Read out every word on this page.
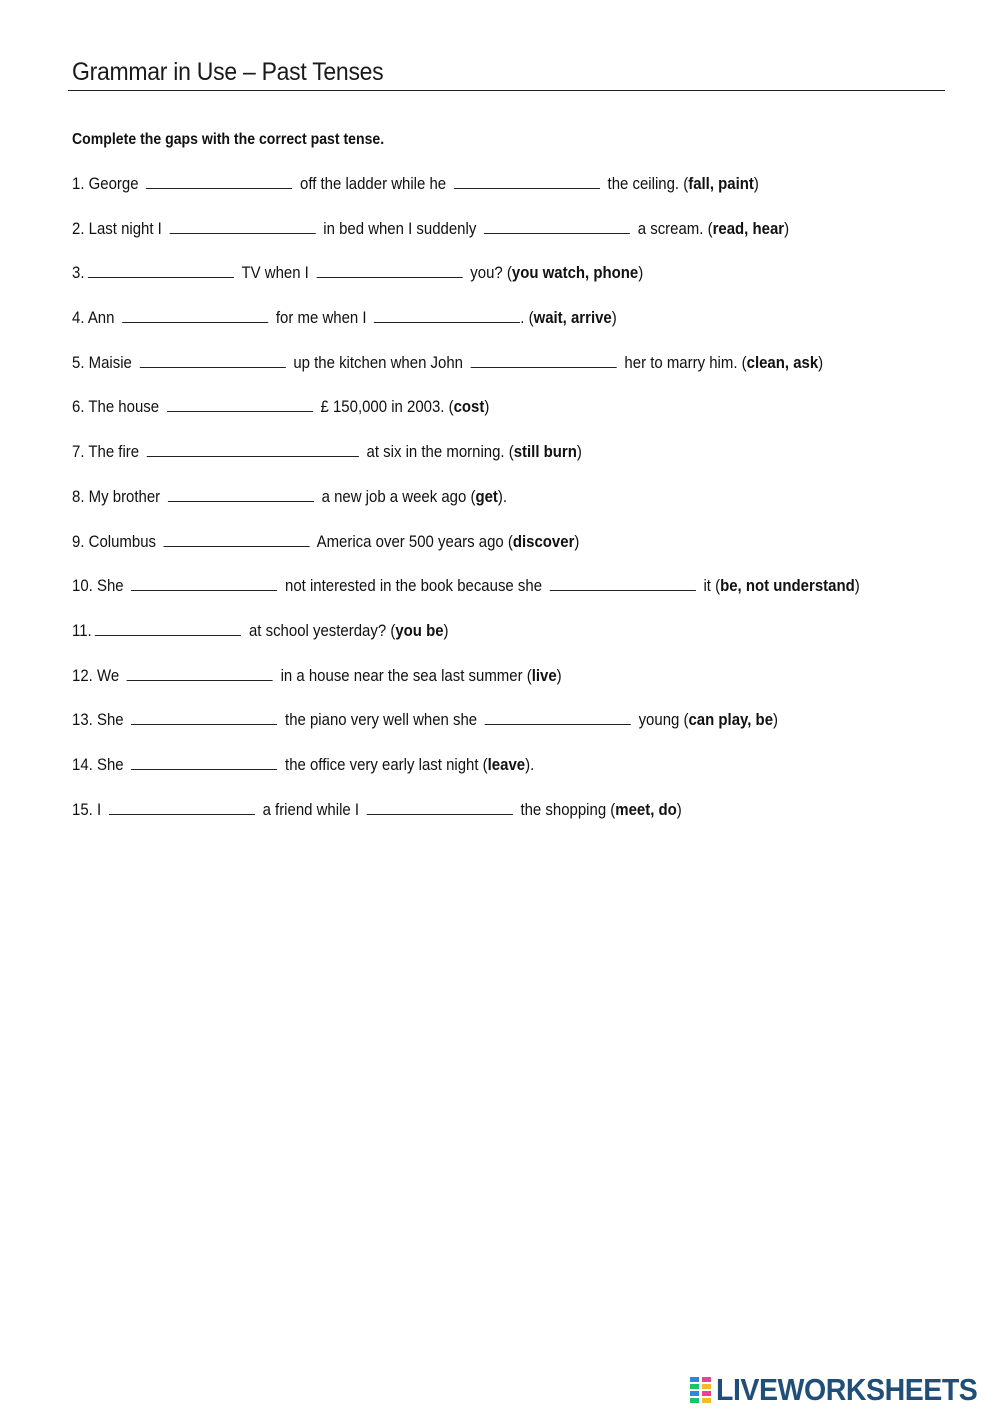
Grammar in Use – Past Tenses
Complete the gaps with the correct past tense.
1. George	off the ladder while he	the ceiling. (fall, paint)
2. Last night I	in bed when I suddenly	a scream. (read, hear)
3.	TV when I	you? (you watch, phone)
4. Ann	for me when I	. (wait, arrive)
5. Maisie	up the kitchen when John	her to marry him. (clean, ask)
6. The house	£ 150,000 in 2003. (cost)
7. The fire	at six in the morning. (still burn)
8. My brother	a new job a week ago (get).
9. Columbus	America over 500 years ago (discover)
10. She	not interested in the book because she	it (be, not understand)
11.	at school yesterday? (you be)
12. We	in a house near the sea last summer (live)
13. She	the piano very well when she	young (can play, be)
14. She	the office very early last night (leave).
15. I	a friend while I	the shopping (meet, do)
LIVEWORKSHEETS
